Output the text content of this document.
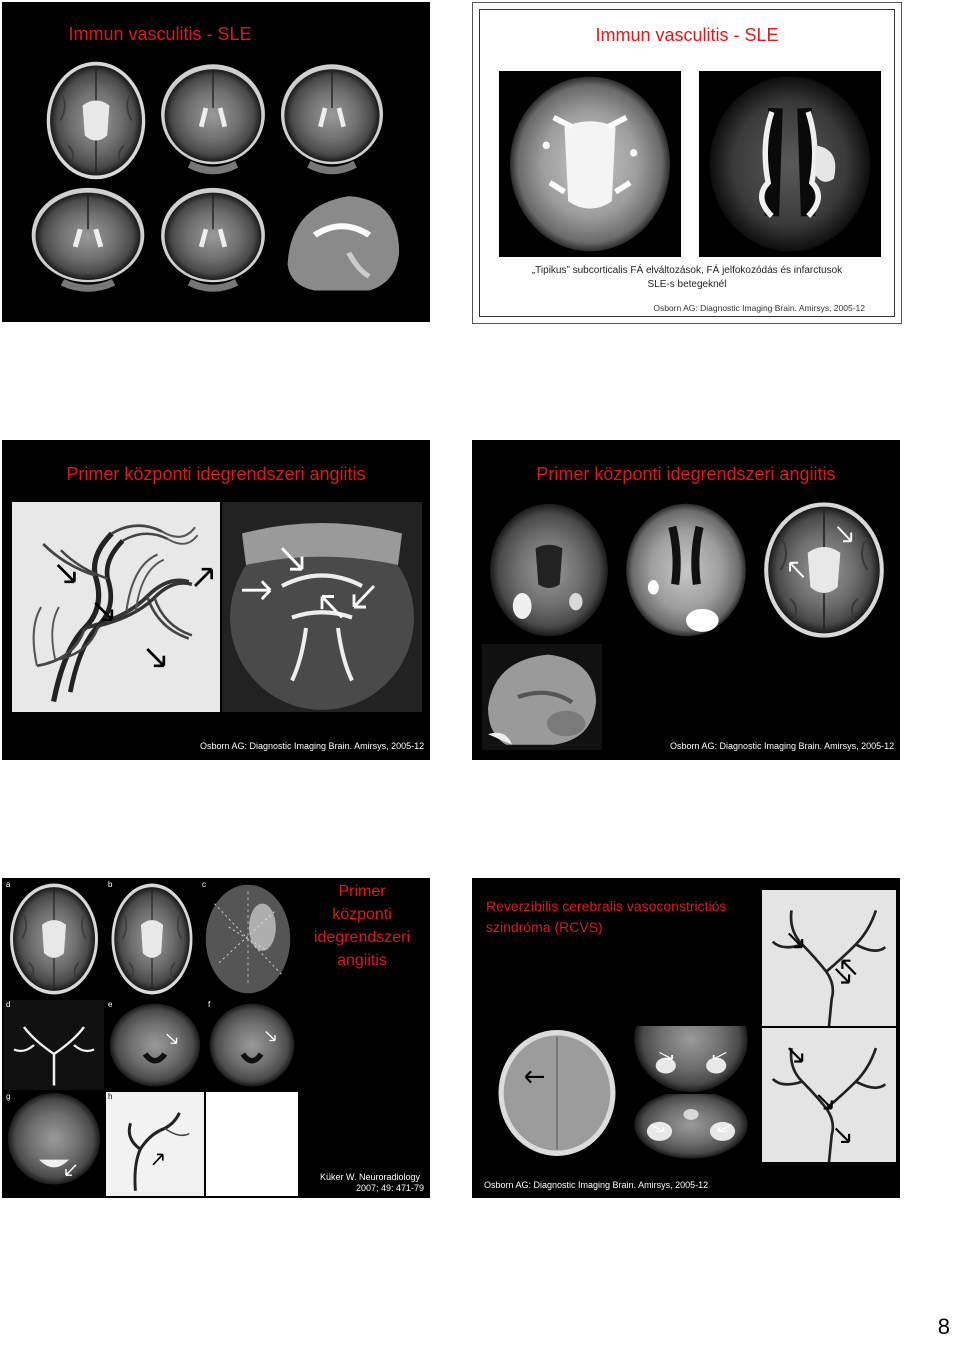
Immun vasculitis - SLE	Immun vasculitis - SLE
„Tipikus” subcorticalis FÁ elváltozások, FÁ jelfokozódás és infarctusok
SLE-s betegeknél
Osborn AG: Diagnostic Imaging Brain. Amirsys, 2005-12
Primer központi idegrendszeri angiitis
Osborn AG: Diagnostic Imaging Brain. Amirsys, 2005-12
Primer központi idegrendszeri angiitis
Osborn AG: Diagnostic Imaging Brain. Amirsys, 2005-12
a	b	c
d	e	f
g	h
Primer
központi
idegrendszeri
angiitis
Küker W. Neuroradiology
2007; 49: 471-79
Reverzíbilis cerebralis vasoconstrictiós
szindróma (RCVS)
Osborn AG: Diagnostic Imaging Brain. Amirsys, 2005-12
8
